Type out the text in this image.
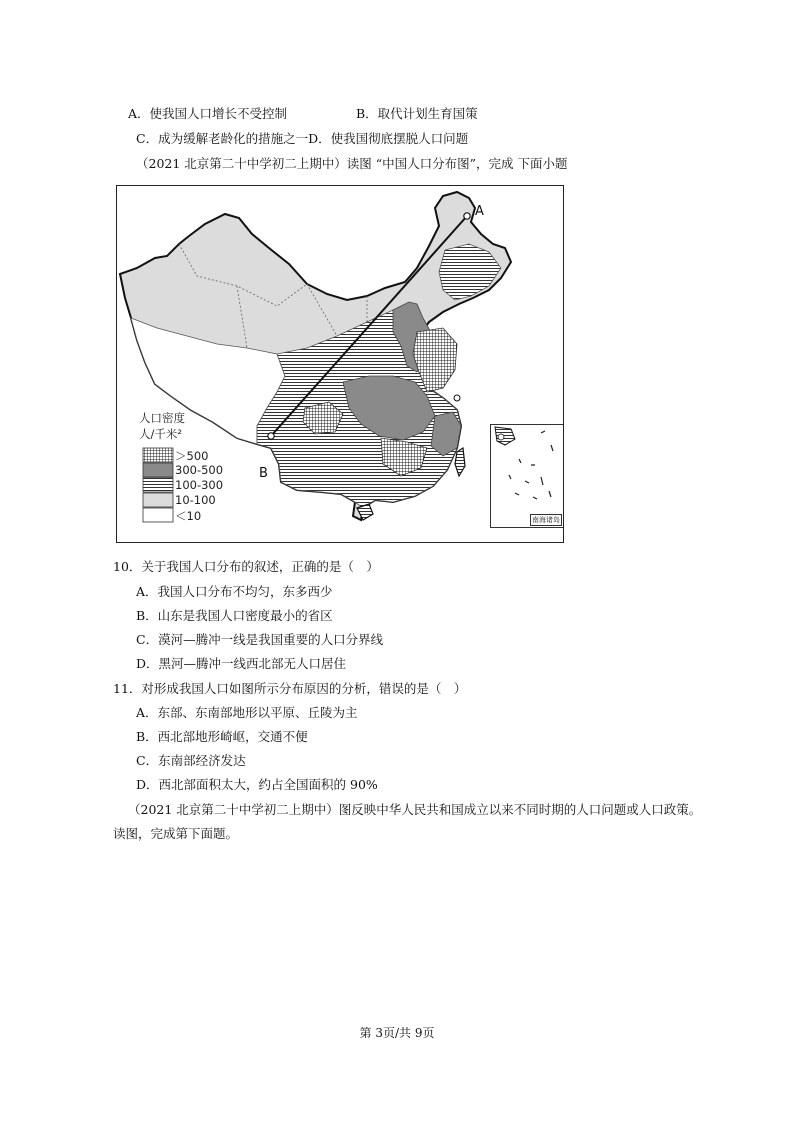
A．使我国人口增长不受控制	B．取代计划生育国策
C．成为缓解老龄化的措施之一D．使我国彻底摆脱人口问题
（2021 北京第二十中学初二上期中）读图 “中国人口分布图”，完成 下面小题
人口密度
人/千米²
＞500
300-500
100-300
10-100
＜10
A
B
南海诸岛
10．关于我国人口分布的叙述，正确的是（　）
A．我国人口分布不均匀，东多西少
B．山东是我国人口密度最小的省区
C．漠河—腾冲一线是我国重要的人口分界线
D．黑河—腾冲一线西北部无人口居住
11．对形成我国人口如图所示分布原因的分析，错误的是（　）
A．东部、东南部地形以平原、丘陵为主
B．西北部地形崎岖，交通不便
C．东南部经济发达
D．西北部面积太大，约占全国面积的 90%
（2021 北京第二十中学初二上期中）图反映中华人民共和国成立以来不同时期的人口问题或人口政策。
读图，完成第下面题。
第 3页/共 9页
